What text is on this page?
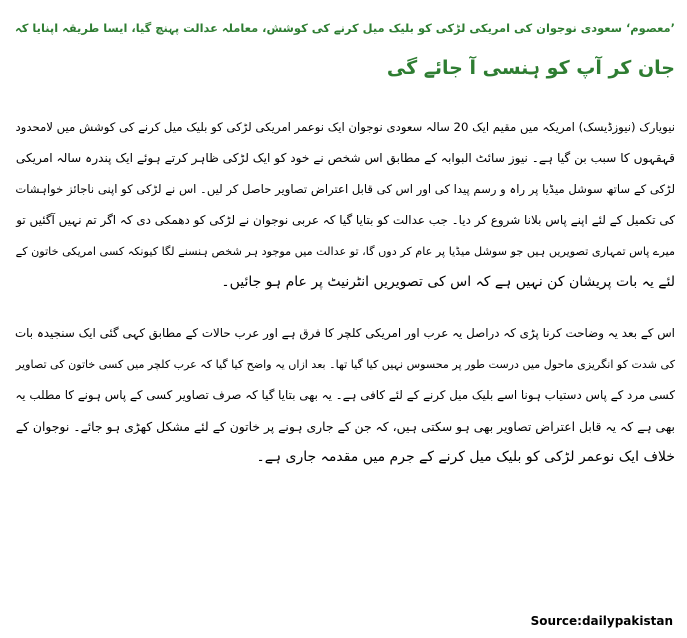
’معصوم‘ سعودی نوجوان کی امریکی لڑکی کو بلیک میل کرنے کی کوشش، معاملہ عدالت پہنچ گیا، ایسا طریقہ اپنایا کہ
جان کر آپ کو ہنسی آ جائے گی

نیویارک (نیوزڈیسک) امریکہ میں مقیم ایک 20 سالہ سعودی نوجوان ایک نوعمر امریکی لڑکی کو بلیک میل کرنے کی کوشش میں لامحدود
قہقہوں کا سبب بن گیا ہے۔ نیوز سائٹ البوابہ کے مطابق اس شخص نے خود کو ایک لڑکی ظاہر کرتے ہوئے ایک پندرہ سالہ امریکی
لڑکی کے ساتھ سوشل میڈیا پر راہ و رسم پیدا کی اور اس کی قابل اعتراض تصاویر حاصل کر لیں۔ اس نے لڑکی کو اپنی ناجائز خواہشات
کی تکمیل کے لئے اپنے پاس بلانا شروع کر دیا۔ جب عدالت کو بتایا گیا کہ عربی نوجوان نے لڑکی کو دھمکی دی کہ اگر تم نہیں آگئیں تو
میرے پاس تمہاری تصویریں ہیں جو سوشل میڈیا پر عام کر دوں گا، تو عدالت میں موجود ہر شخص ہنسنے لگا کیونکہ کسی امریکی خاتون کے
لئے یہ بات پریشان کن نہیں ہے کہ اس کی تصویریں انٹرنیٹ پر عام ہو جائیں۔

اس کے بعد یہ وضاحت کرنا پڑی کہ دراصل یہ عرب اور امریکی کلچر کا فرق ہے اور عرب حالات کے مطابق کہی گئی ایک سنجیدہ بات
کی شدت کو انگریزی ماحول میں درست طور پر محسوس نہیں کیا گیا تھا۔ بعد ازاں یہ واضح کیا گیا کہ عرب کلچر میں کسی خاتون کی تصاویر
کسی مرد کے پاس دستیاب ہونا اسے بلیک میل کرنے کے لئے کافی ہے۔ یہ بھی بتایا گیا کہ صرف تصاویر کسی کے پاس ہونے کا مطلب یہ
بھی ہے کہ یہ قابل اعتراض تصاویر بھی ہو سکتی ہیں، کہ جن کے جاری ہونے پر خاتون کے لئے مشکل کھڑی ہو جائے۔ نوجوان کے
خلاف ایک نوعمر لڑکی کو بلیک میل کرنے کے جرم میں مقدمہ جاری ہے۔

Source:dailypakistan
